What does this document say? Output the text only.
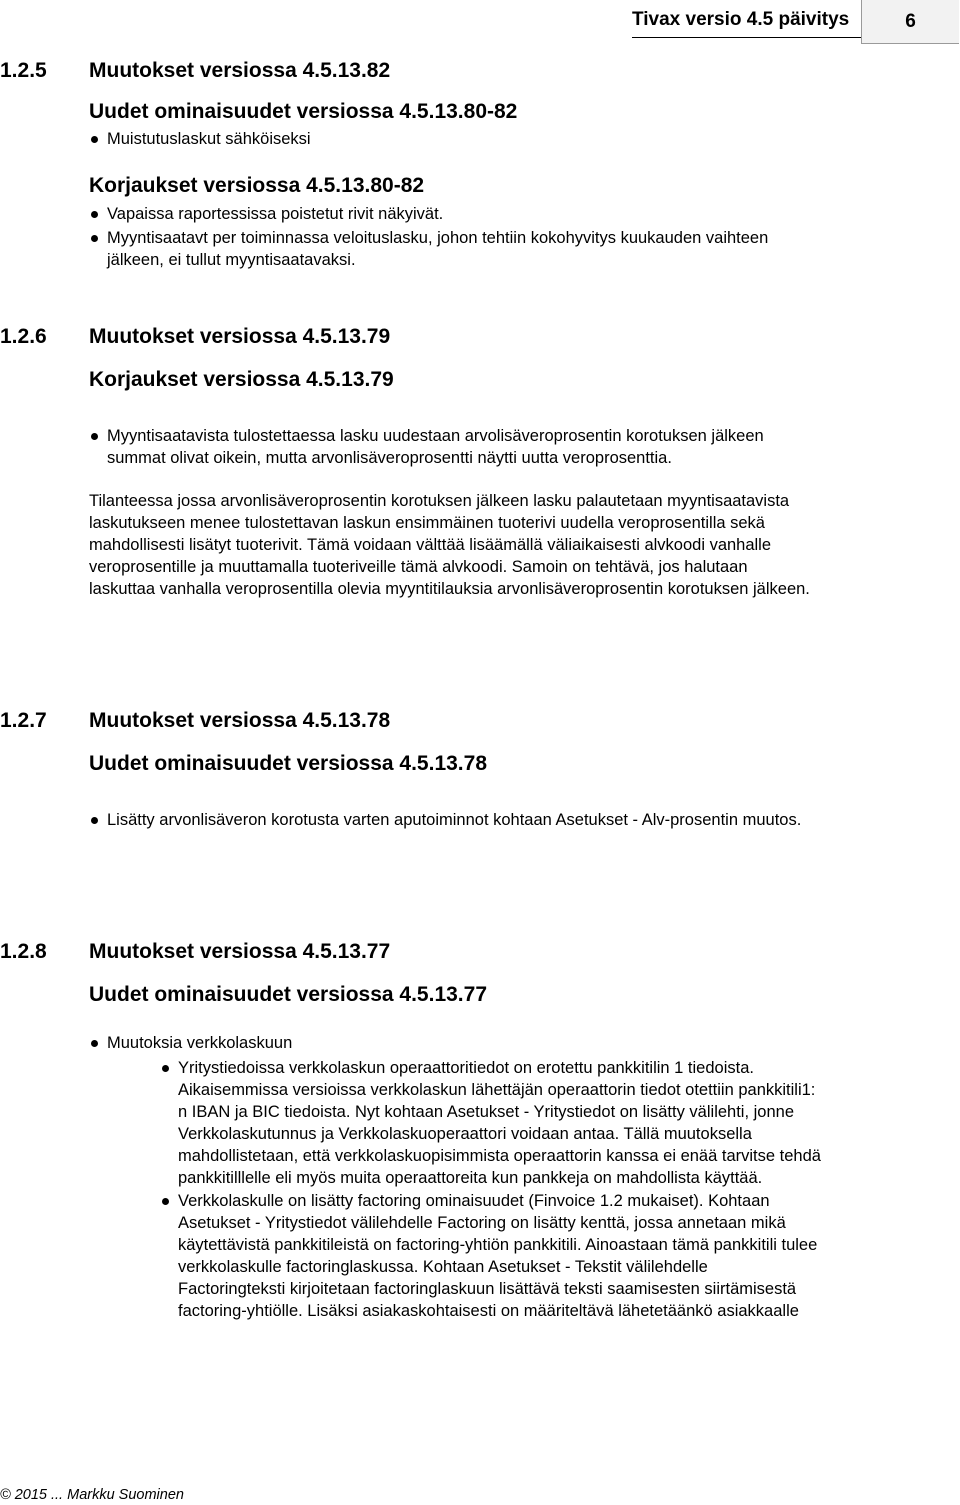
Tivax versio 4.5 päivitys	6
1.2.5 Muutokset versiossa 4.5.13.82
Uudet ominaisuudet versiossa 4.5.13.80-82
Muistutuslaskut sähköiseksi
Korjaukset versiossa 4.5.13.80-82
Vapaissa raportessissa poistetut rivit näkyivät.
Myyntisaatavt per toiminnassa veloituslasku, johon tehtiin kokohyvitys kuukauden vaihteen
jälkeen, ei tullut myyntisaatavaksi.
1.2.6 Muutokset versiossa 4.5.13.79
Korjaukset versiossa 4.5.13.79
Myyntisaatavista tulostettaessa lasku uudestaan arvolisäveroprosentin korotuksen jälkeen
summat olivat oikein, mutta arvonlisäveroprosentti näytti uutta veroprosenttia.
Tilanteessa jossa arvonlisäveroprosentin korotuksen jälkeen lasku palautetaan myyntisaatavista
laskutukseen menee tulostettavan laskun ensimmäinen tuoterivi uudella veroprosentilla sekä
mahdollisesti lisätyt tuoterivit. Tämä voidaan välttää lisäämällä väliaikaisesti alvkoodi vanhalle
veroprosentille ja muuttamalla tuoteriveille tämä alvkoodi. Samoin on tehtävä, jos halutaan
laskuttaa vanhalla veroprosentilla olevia myyntitilauksia arvonlisäveroprosentin korotuksen jälkeen.
1.2.7 Muutokset versiossa 4.5.13.78
Uudet ominaisuudet versiossa 4.5.13.78
Lisätty arvonlisäveron korotusta varten aputoiminnot kohtaan Asetukset - Alv-prosentin muutos.
1.2.8 Muutokset versiossa 4.5.13.77
Uudet ominaisuudet versiossa 4.5.13.77
Muutoksia verkkolaskuun
Yritystiedoissa verkkolaskun operaattoritiedot on erotettu pankkitilin 1 tiedoista.
Aikaisemmissa versioissa verkkolaskun lähettäjän operaattorin tiedot otettiin pankkitili1:
n IBAN ja BIC tiedoista. Nyt kohtaan Asetukset - Yritystiedot on lisätty välilehti, jonne
Verkkolaskutunnus ja Verkkolaskuoperaattori voidaan antaa. Tällä muutoksella
mahdollistetaan, että verkkolaskuopisimmista operaattorin kanssa ei enää tarvitse tehdä
pankkitilllelle eli myös muita operaattoreita kun pankkeja on mahdollista käyttää.
Verkkolaskulle on lisätty factoring ominaisuudet (Finvoice 1.2 mukaiset). Kohtaan
Asetukset - Yritystiedot välilehdelle Factoring on lisätty kenttä, jossa annetaan mikä
käytettävistä pankkitileistä on factoring-yhtiön pankkitili. Ainoastaan tämä pankkitili tulee
verkkolaskulle factoringlaskussa. Kohtaan Asetukset - Tekstit välilehdelle
Factoringteksti kirjoitetaan factoringlaskuun lisättävä teksti saamisesten siirtämisestä
factoring-yhtiölle. Lisäksi asiakaskohtaisesti on määriteltävä lähetetäänkö asiakkaalle
© 2015 ... Markku Suominen
